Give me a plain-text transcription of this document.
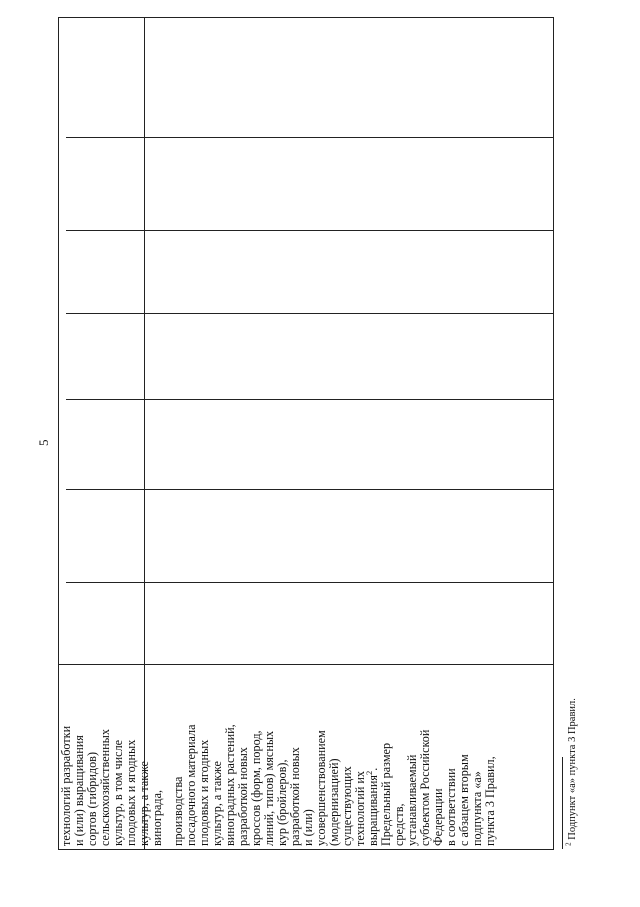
5
технологий разработки и (или) выращивания сортов (гибридов) сельскохозяйственных культур, в том числе плодовых и ягодных культур, а также винограда, производства посадочного материала плодовых и ягодных культур, а также виноградных растений, разработкой новых кроссов (форм, пород, линий, типов) мясных кур (бройлеров), разработкой новых и (или) усовершенствованием (модернизацией) существующих технологий их выращивания$^2$. Предельный размер средств, устанавливаемый субъектом Российской Федерации в соответствии с абзацем вторым подпункта «а» пункта 3 Правил,	$^2$ Подпункт «а» пункта 3 Правил.
